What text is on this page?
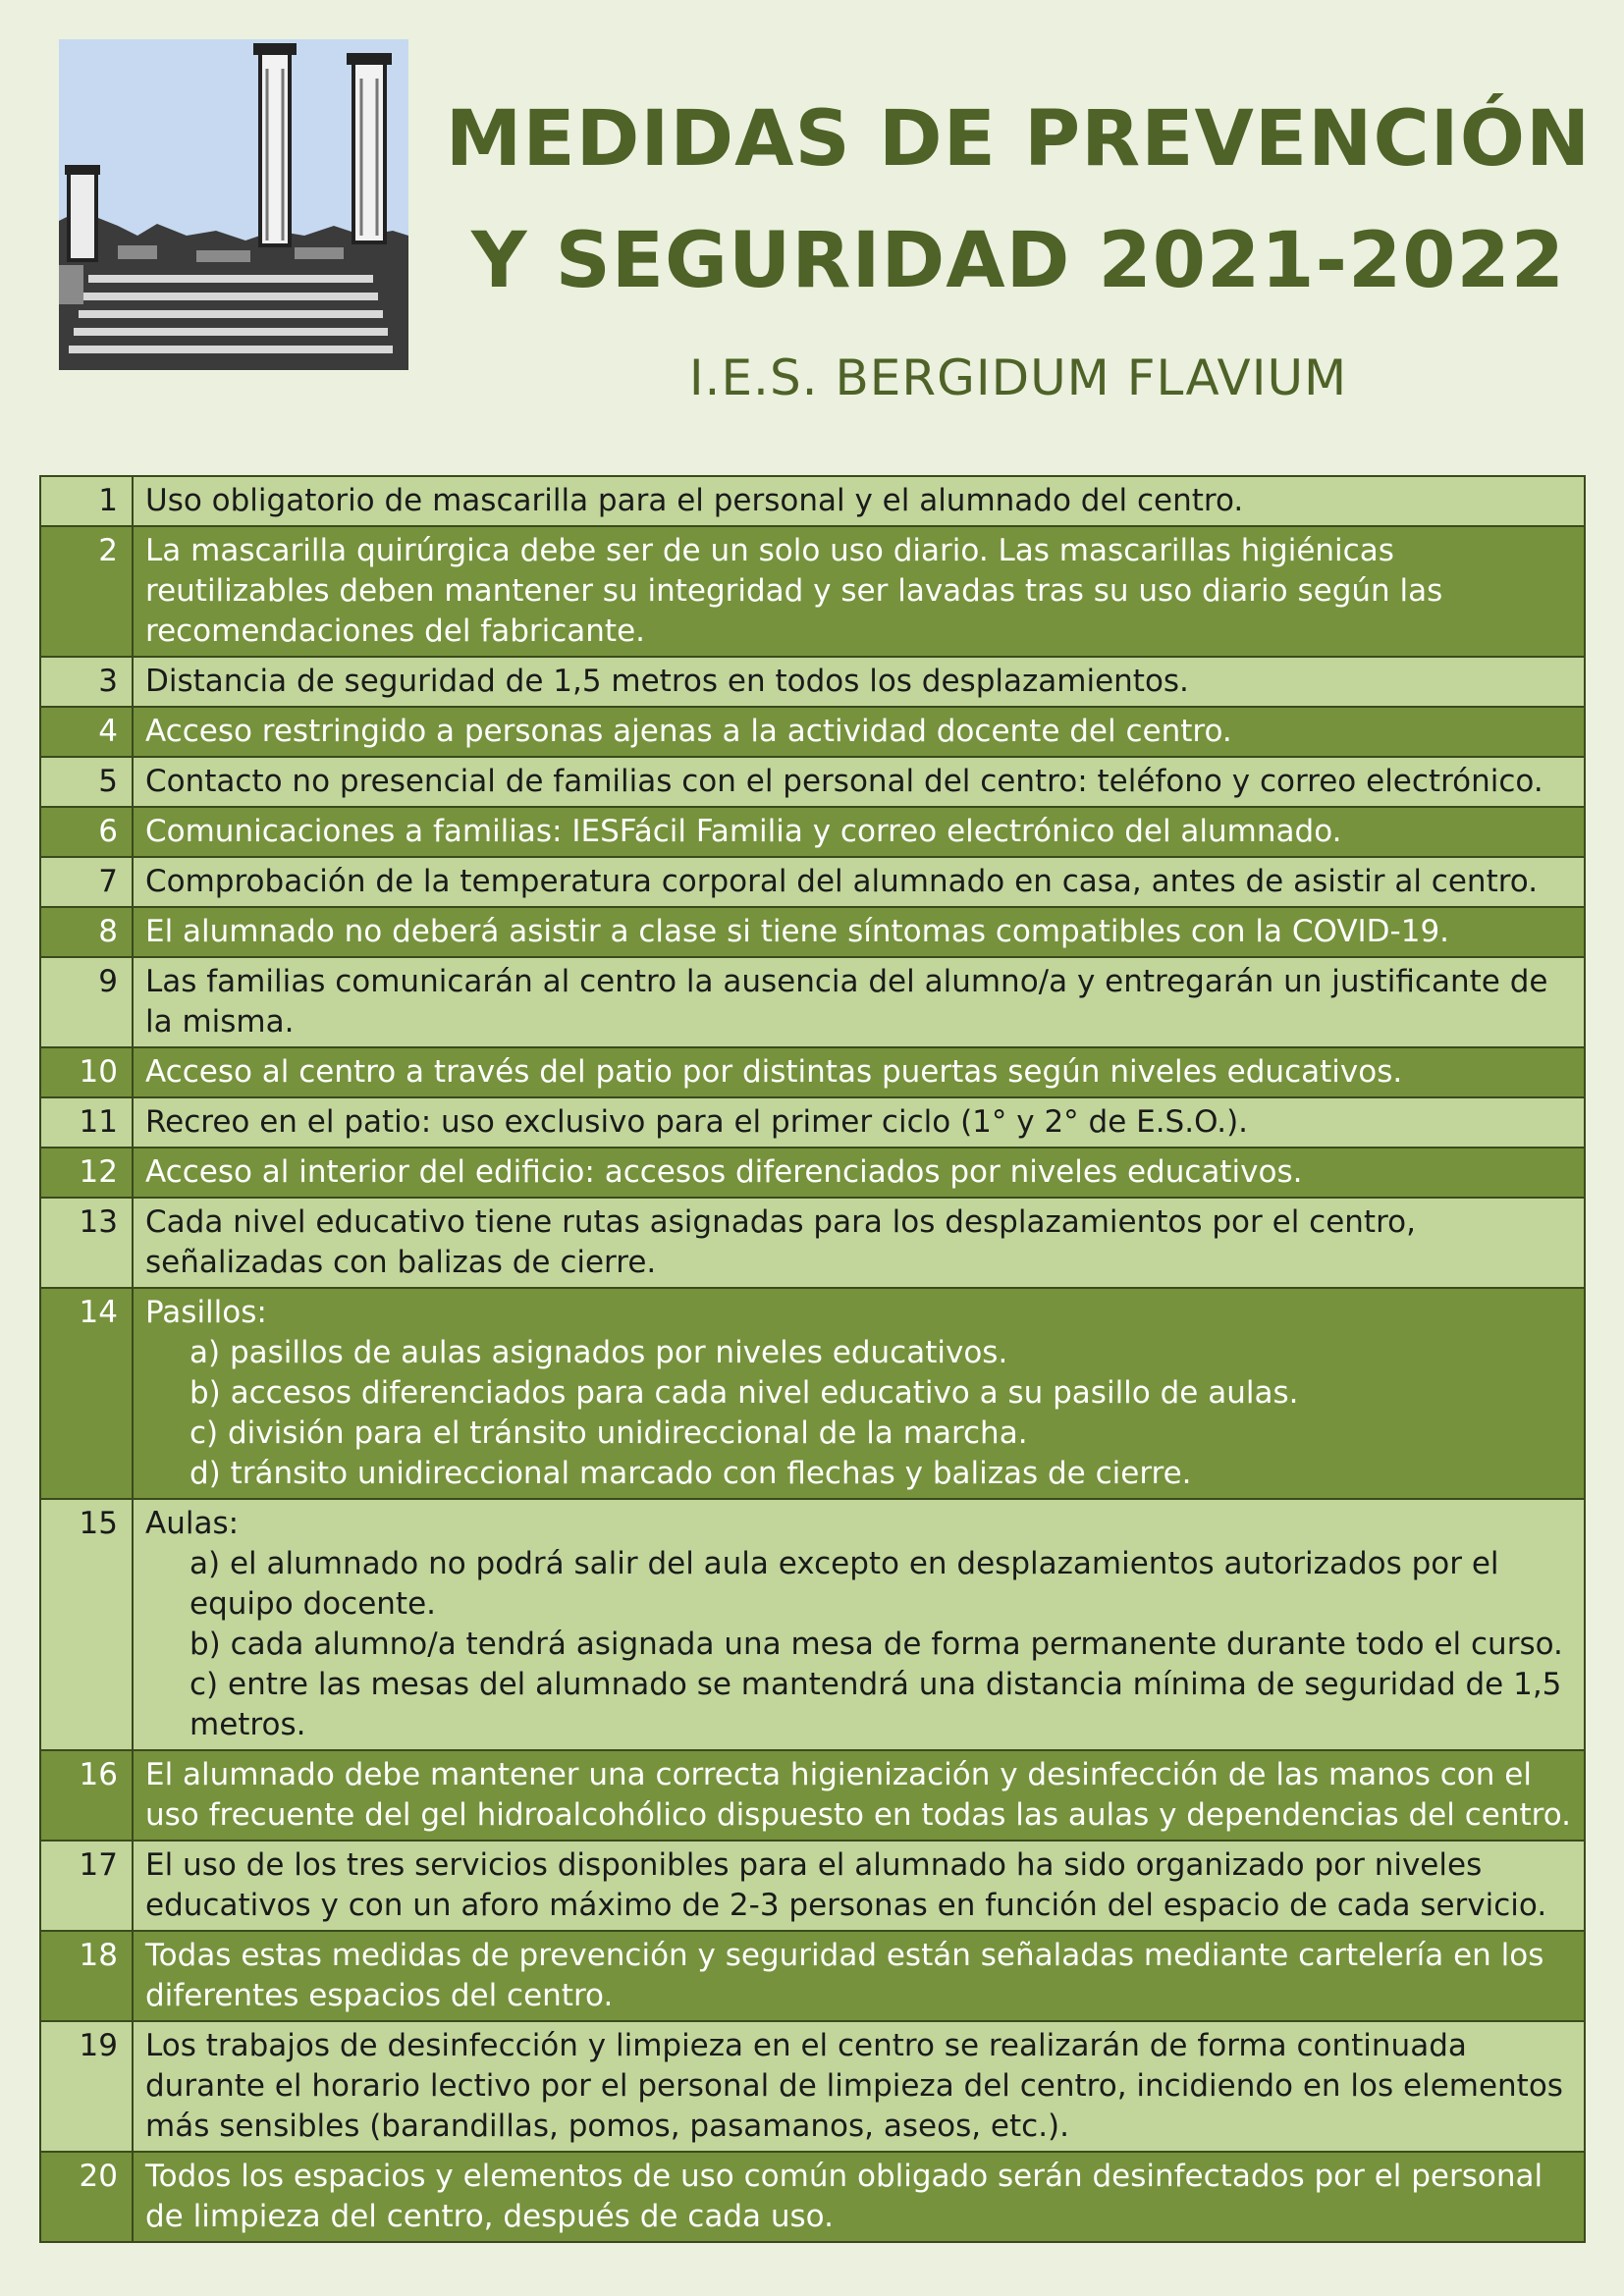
MEDIDAS DE PREVENCIÓN
Y SEGURIDAD 2021-2022
I.E.S. BERGIDUM FLAVIUM
1	Uso obligatorio de mascarilla para el personal y el alumnado del centro.

2	La mascarilla quirúrgica debe ser de un solo uso diario. Las mascarillas higiénicas reutilizables deben mantener su integridad y ser lavadas tras su uso diario según las recomendaciones del fabricante.

3	Distancia de seguridad de 1,5 metros en todos los desplazamientos.

4	Acceso restringido a personas ajenas a la actividad docente del centro.

5	Contacto no presencial de familias con el personal del centro: teléfono y correo electrónico.

6	Comunicaciones a familias: IESFácil Familia y correo electrónico del alumnado.

7	Comprobación de la temperatura corporal del alumnado en casa, antes de asistir al centro.

8	El alumnado no deberá asistir a clase si tiene síntomas compatibles con la COVID-19.

9	Las familias comunicarán al centro la ausencia del alumno/a y entregarán un justificante de la misma.

10	Acceso al centro a través del patio por distintas puertas según niveles educativos.

11	Recreo en el patio: uso exclusivo para el primer ciclo (1° y 2° de E.S.O.).

12	Acceso al interior del edificio: accesos diferenciados por niveles educativos.

13	Cada nivel educativo tiene rutas asignadas para los desplazamientos por el centro, señalizadas con balizas de cierre.

14	Pasillos:
a) pasillos de aulas asignados por niveles educativos.
b) accesos diferenciados para cada nivel educativo a su pasillo de aulas.
c) división para el tránsito unidireccional de la marcha.
d) tránsito unidireccional marcado con flechas y balizas de cierre.

15	Aulas:
a) el alumnado no podrá salir del aula excepto en desplazamientos autorizados por el equipo docente.
b) cada alumno/a tendrá asignada una mesa de forma permanente durante todo el curso.
c) entre las mesas del alumnado se mantendrá una distancia mínima de seguridad de 1,5 metros.

16	El alumnado debe mantener una correcta higienización y desinfección de las manos con el uso frecuente del gel hidroalcohólico dispuesto en todas las aulas y dependencias del centro.

17	El uso de los tres servicios disponibles para el alumnado ha sido organizado por niveles educativos y con un aforo máximo de 2-3 personas en función del espacio de cada servicio.

18	Todas estas medidas de prevención y seguridad están señaladas mediante cartelería en los diferentes espacios del centro.

19	Los trabajos de desinfección y limpieza en el centro se realizarán de forma continuada durante el horario lectivo por el personal de limpieza del centro, incidiendo en los elementos más sensibles (barandillas, pomos, pasamanos, aseos, etc.).

20	Todos los espacios y elementos de uso común obligado serán desinfectados por el personal de limpieza del centro, después de cada uso.
